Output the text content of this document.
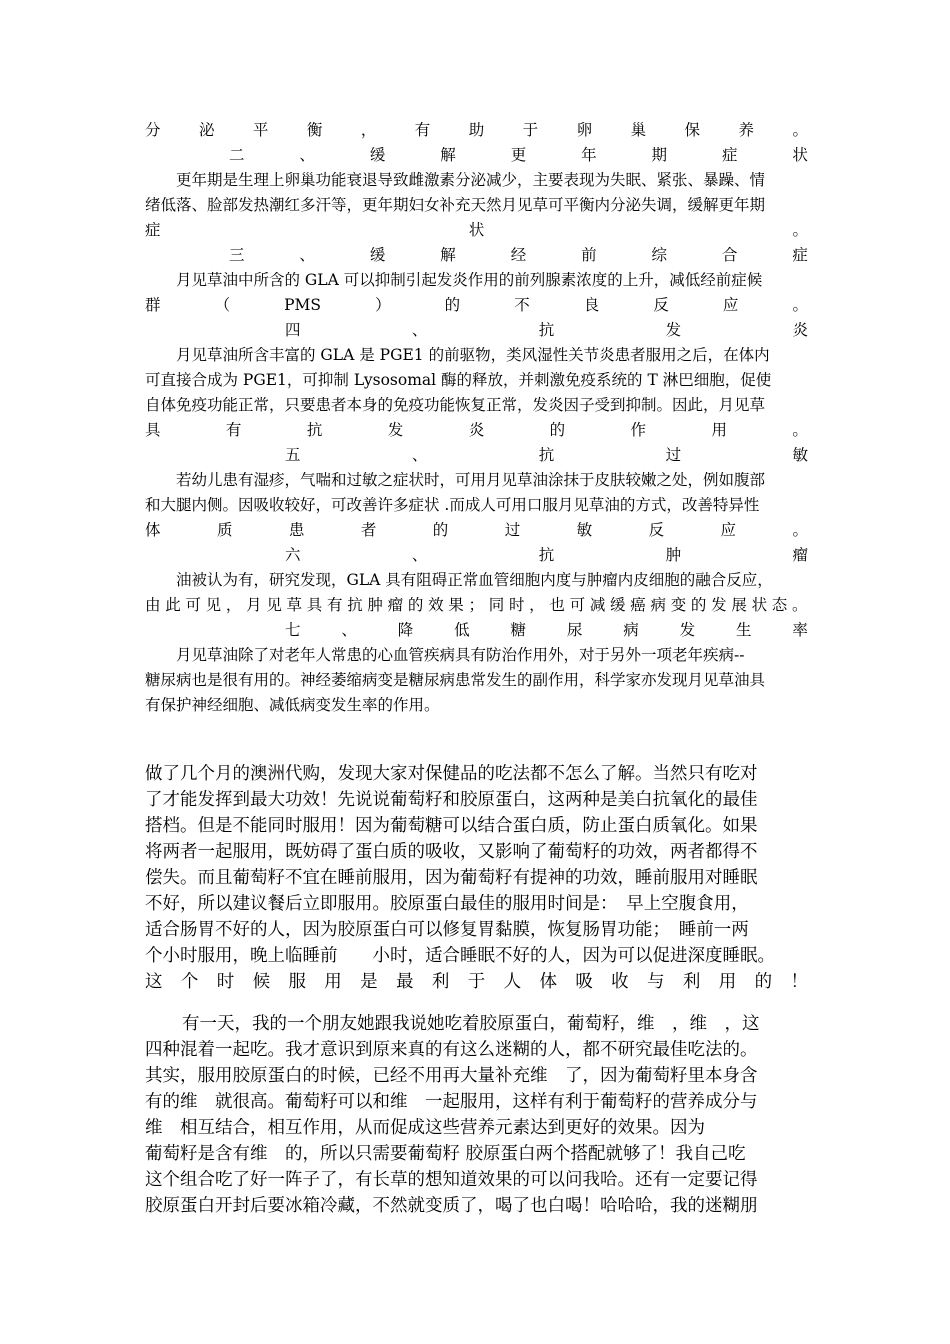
分 泌 平 衡 ， 有 助 于 卵 巢 保 养 。
二	、	缓	解	更	年	期	症	状
更年期是生理上卵巢功能衰退导致雌激素分泌减少，主要表现为失眠、紧张、暴躁、情
绪低落、脸部发热潮红多汗等，更年期妇女补充天然月见草可平衡内分泌失调，缓解更年期
症	状	。
三	、	缓	解	经	前	综	合	症
月见草油中所含的 GLA 可以抑制引起发炎作用的前列腺素浓度的上升，减低经前症候
群	（	PMS	）	的	不	良	反	应	。
四	、	抗	发	炎
月见草油所含丰富的 GLA 是 PGE1 的前驱物，类风湿性关节炎患者服用之后，在体内
可直接合成为 PGE1，可抑制 Lysosomal 酶的释放，并刺激免疫系统的 T 淋巴细胞，促使
自体免疫功能正常，只要患者本身的免疫功能恢复正常，发炎因子受到抑制。因此，月见草
具	有	抗	发	炎	的	作	用	。
五	、	抗	过	敏
若幼儿患有湿疹，气喘和过敏之症状时，可用月见草油涂抹于皮肤较嫩之处，例如腹部
和大腿内侧。因吸收较好，可改善许多症状 .而成人可用口服月见草油的方式，改善特异性
体	质	患	者	的	过	敏	反	应	。
六	、	抗	肿	瘤
油被认为有，研究发现，GLA 具有阻碍正常血管细胞内度与肿瘤内皮细胞的融合反应，
由 此 可 见 ， 月 见 草 具 有 抗 肿 瘤 的 效 果 ； 同 时 ， 也 可 减 缓 癌 病 变 的 发 展 状 态 。
七	、	降	低	糖	尿	病	发	生	率
月见草油除了对老年人常患的心血管疾病具有防治作用外，对于另外一项老年疾病--
糖尿病也是很有用的。神经萎缩病变是糖尿病患常发生的副作用，科学家亦发现月见草油具
有保护神经细胞、减低病变发生率的作用。
做了几个月的澳洲代购，发现大家对保健品的吃法都不怎么了解。当然只有吃对
了才能发挥到最大功效！先说说葡萄籽和胶原蛋白，这两种是美白抗氧化的最佳
搭档。但是不能同时服用！因为葡萄糖可以结合蛋白质，防止蛋白质氧化。如果
将两者一起服用，既妨碍了蛋白质的吸收，又影响了葡萄籽的功效，两者都得不
偿失。而且葡萄籽不宜在睡前服用，因为葡萄籽有提神的功效，睡前服用对睡眠
不好，所以建议餐后立即服用。胶原蛋白最佳的服用时间是：　早上空腹食用，
适合肠胃不好的人，因为胶原蛋白可以修复胃黏膜，恢复肠胃功能；　睡前一两
个小时服用，晚上临睡前　　小时，适合睡眠不好的人，因为可以促进深度睡眠。
这 个 时 候 服 用 是 最 利 于 人 体 吸 收 与 利 用 的 ！
有一天，我的一个朋友她跟我说她吃着胶原蛋白，葡萄籽，维　，维　，这
四种混着一起吃。我才意识到原来真的有这么迷糊的人，都不研究最佳吃法的。
其实，服用胶原蛋白的时候，已经不用再大量补充维　了，因为葡萄籽里本身含
有的维　就很高。葡萄籽可以和维　一起服用，这样有利于葡萄籽的营养成分与
维　相互结合，相互作用，从而促成这些营养元素达到更好的效果。因为
葡萄籽是含有维　的，所以只需要葡萄籽 胶原蛋白两个搭配就够了！我自己吃
这个组合吃了好一阵子了，有长草的想知道效果的可以问我哈。还有一定要记得
胶原蛋白开封后要冰箱冷藏，不然就变质了，喝了也白喝！哈哈哈，我的迷糊朋
